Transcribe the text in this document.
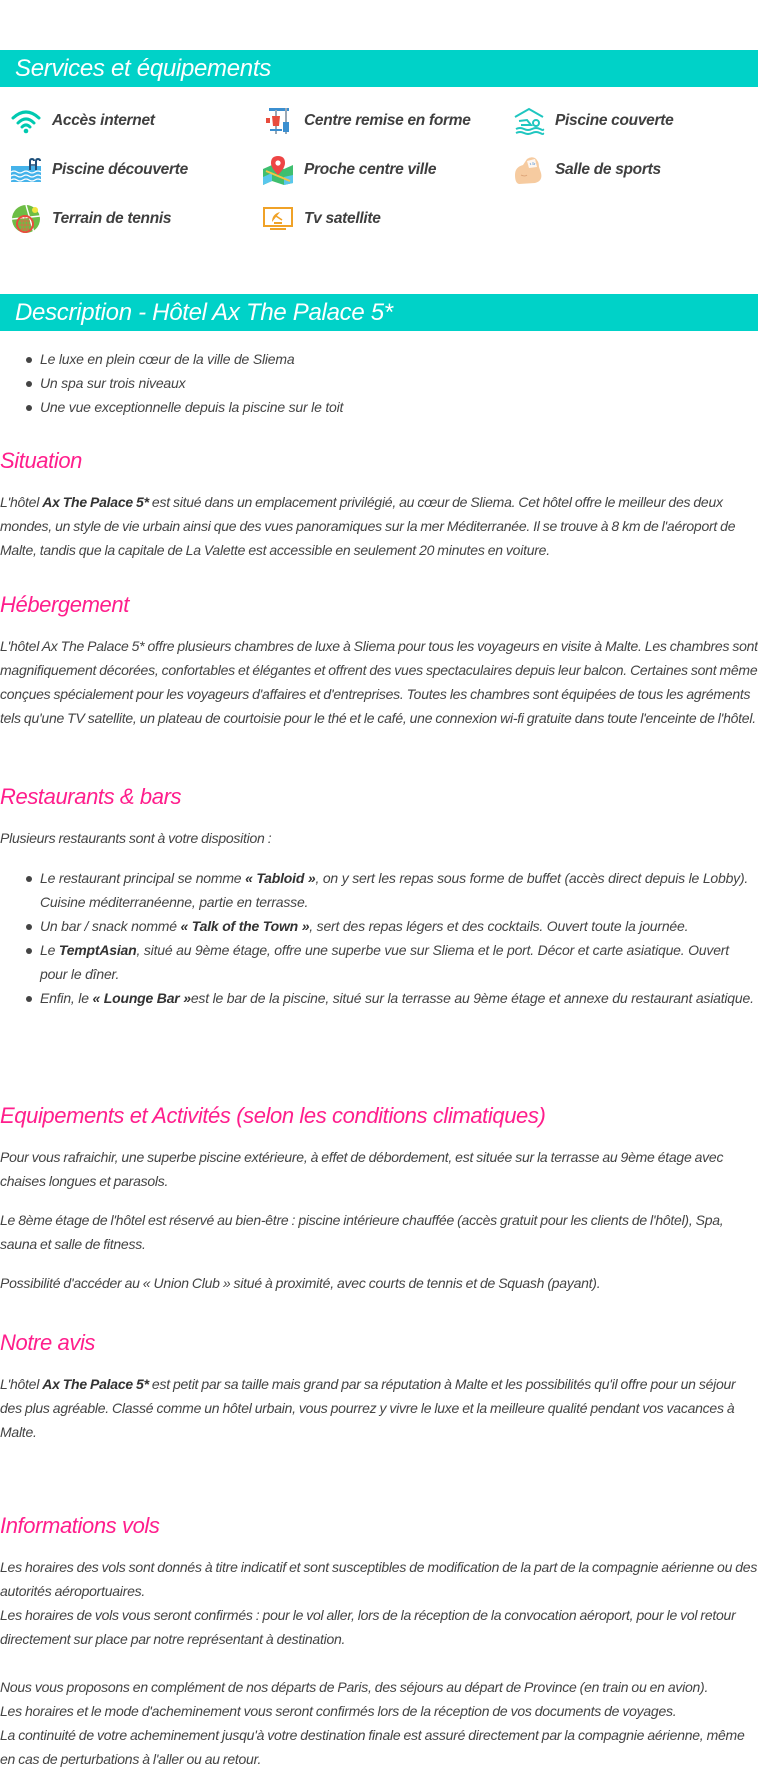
Services et équipements
Accès internet	Centre remise en forme	Piscine couverte
Piscine découverte	Proche centre ville	Salle de sports
Terrain de tennis	Tv satellite
Description - Hôtel Ax The Palace 5*
Le luxe en plein cœur de la ville de Sliema
Un spa sur trois niveaux
Une vue exceptionnelle depuis la piscine sur le toit
Situation

L'hôtel Ax The Palace 5* est situé dans un emplacement privilégié, au cœur de Sliema. Cet hôtel offre le meilleur des deux mondes, un style de vie urbain ainsi que des vues panoramiques sur la mer Méditerranée. Il se trouve à 8 km de l'aéroport de Malte, tandis que la capitale de La Valette est accessible en seulement 20 minutes en voiture.

Hébergement

L'hôtel Ax The Palace 5* offre plusieurs chambres de luxe à Sliema pour tous les voyageurs en visite à Malte. Les chambres sont magnifiquement décorées, confortables et élégantes et offrent des vues spectaculaires depuis leur balcon. Certaines sont même conçues spécialement pour les voyageurs d'affaires et d'entreprises. Toutes les chambres sont équipées de tous les agréments tels qu'une TV satellite, un plateau de courtoisie pour le thé et le café, une connexion wi-fi gratuite dans toute l'enceinte de l'hôtel.

Restaurants & bars

Plusieurs restaurants sont à votre disposition :

Le restaurant principal se nomme « Tabloid », on y sert les repas sous forme de buffet (accès direct depuis le Lobby). Cuisine méditerranéenne, partie en terrasse.
Un bar / snack nommé « Talk of the Town », sert des repas légers et des cocktails. Ouvert toute la journée.
Le TemptAsian, situé au 9ème étage, offre une superbe vue sur Sliema et le port. Décor et carte asiatique. Ouvert pour le dîner.
Enfin, le « Lounge Bar »est le bar de la piscine, situé sur la terrasse au 9ème étage et annexe du restaurant asiatique.
Equipements et Activités (selon les conditions climatiques)

Pour vous rafraichir, une superbe piscine extérieure, à effet de débordement, est située sur la terrasse au 9ème étage avec chaises longues et parasols.

Le 8ème étage de l'hôtel est réservé au bien-être : piscine intérieure chauffée (accès gratuit pour les clients de l'hôtel), Spa, sauna et salle de fitness.

Possibilité d'accéder au « Union Club » situé à proximité, avec courts de tennis et de Squash (payant).

Notre avis

L'hôtel Ax The Palace 5* est petit par sa taille mais grand par sa réputation à Malte et les possibilités qu'il offre pour un séjour des plus agréable. Classé comme un hôtel urbain, vous pourrez y vivre le luxe et la meilleure qualité pendant vos vacances à Malte.

Informations vols

Les horaires des vols sont donnés à titre indicatif et sont susceptibles de modification de la part de la compagnie aérienne ou des autorités aéroportuaires.

Les horaires de vols vous seront confirmés : pour le vol aller, lors de la réception de la convocation aéroport, pour le vol retour directement sur place par notre représentant à destination.

Nous vous proposons en complément de nos départs de Paris, des séjours au départ de Province (en train ou en avion).

Les horaires et le mode d'acheminement vous seront confirmés lors de la réception de vos documents de voyages.

La continuité de votre acheminement jusqu'à votre destination finale est assuré directement par la compagnie aérienne, même en cas de perturbations à l'aller ou au retour.
